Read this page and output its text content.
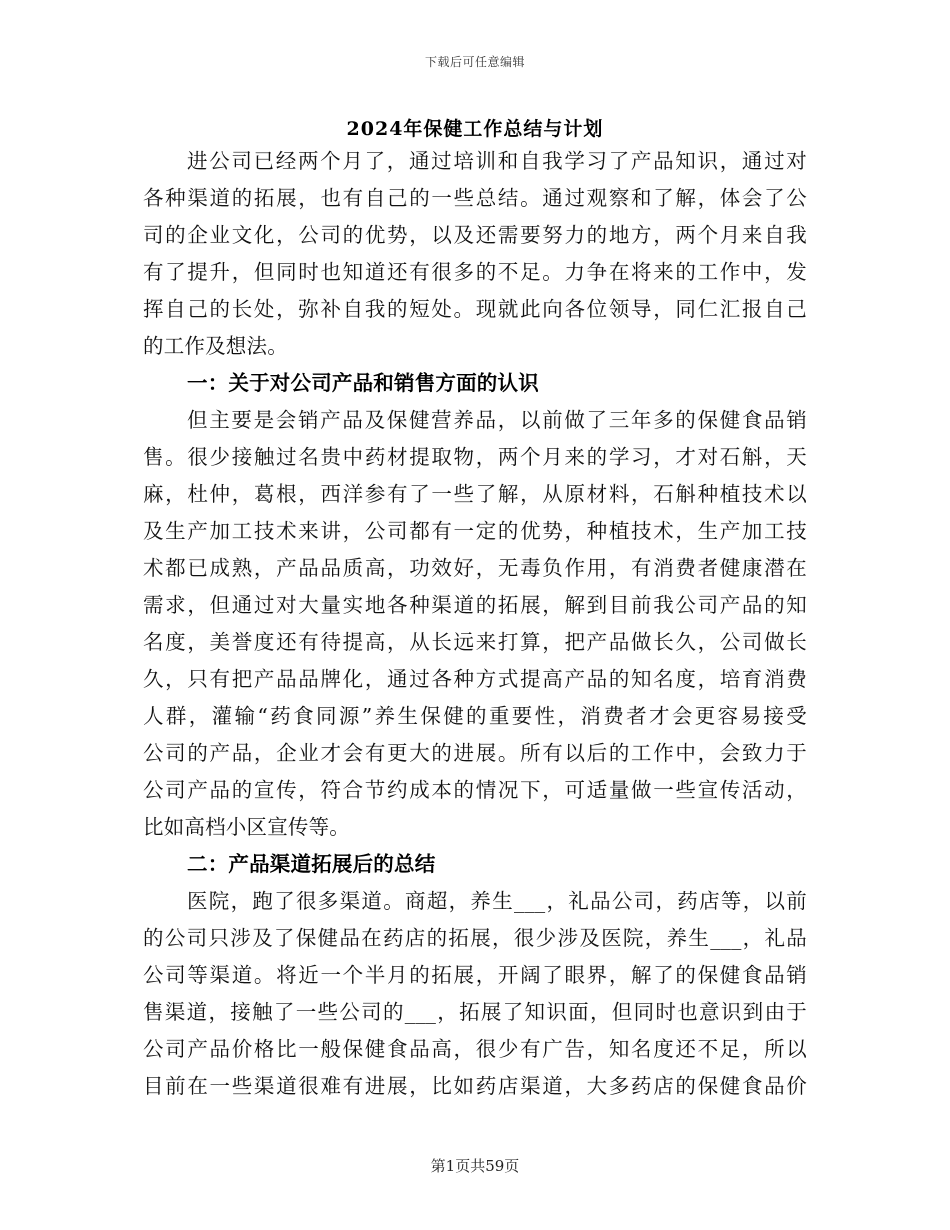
下载后可任意编辑
2024年保健工作总结与计划
进公司已经两个月了，通过培训和自我学习了产品知识，通过对
各种渠道的拓展，也有自己的一些总结。通过观察和了解，体会了公
司的企业文化，公司的优势，以及还需要努力的地方，两个月来自我
有了提升，但同时也知道还有很多的不足。力争在将来的工作中，发
挥自己的长处，弥补自我的短处。现就此向各位领导，同仁汇报自己
的工作及想法。
一：关于对公司产品和销售方面的认识
但主要是会销产品及保健营养品，以前做了三年多的保健食品销
售。很少接触过名贵中药材提取物，两个月来的学习，才对石斛，天
麻，杜仲，葛根，西洋参有了一些了解，从原材料，石斛种植技术以
及生产加工技术来讲，公司都有一定的优势，种植技术，生产加工技
术都已成熟，产品品质高，功效好，无毒负作用，有消费者健康潜在
需求，但通过对大量实地各种渠道的拓展，解到目前我公司产品的知
名度，美誉度还有待提高，从长远来打算，把产品做长久，公司做长
久，只有把产品品牌化，通过各种方式提高产品的知名度，培育消费
人群，灌输“药食同源”养生保健的重要性，消费者才会更容易接受
公司的产品，企业才会有更大的进展。所有以后的工作中，会致力于
公司产品的宣传，符合节约成本的情况下，可适量做一些宣传活动，
比如高档小区宣传等。
二：产品渠道拓展后的总结
医院，跑了很多渠道。商超，养生___，礼品公司，药店等，以前
的公司只涉及了保健品在药店的拓展，很少涉及医院，养生___，礼品
公司等渠道。将近一个半月的拓展，开阔了眼界，解了的保健食品销
售渠道，接触了一些公司的___，拓展了知识面，但同时也意识到由于
公司产品价格比一般保健食品高，很少有广告，知名度还不足，所以
目前在一些渠道很难有进展，比如药店渠道，大多药店的保健食品价
第1页共59页
